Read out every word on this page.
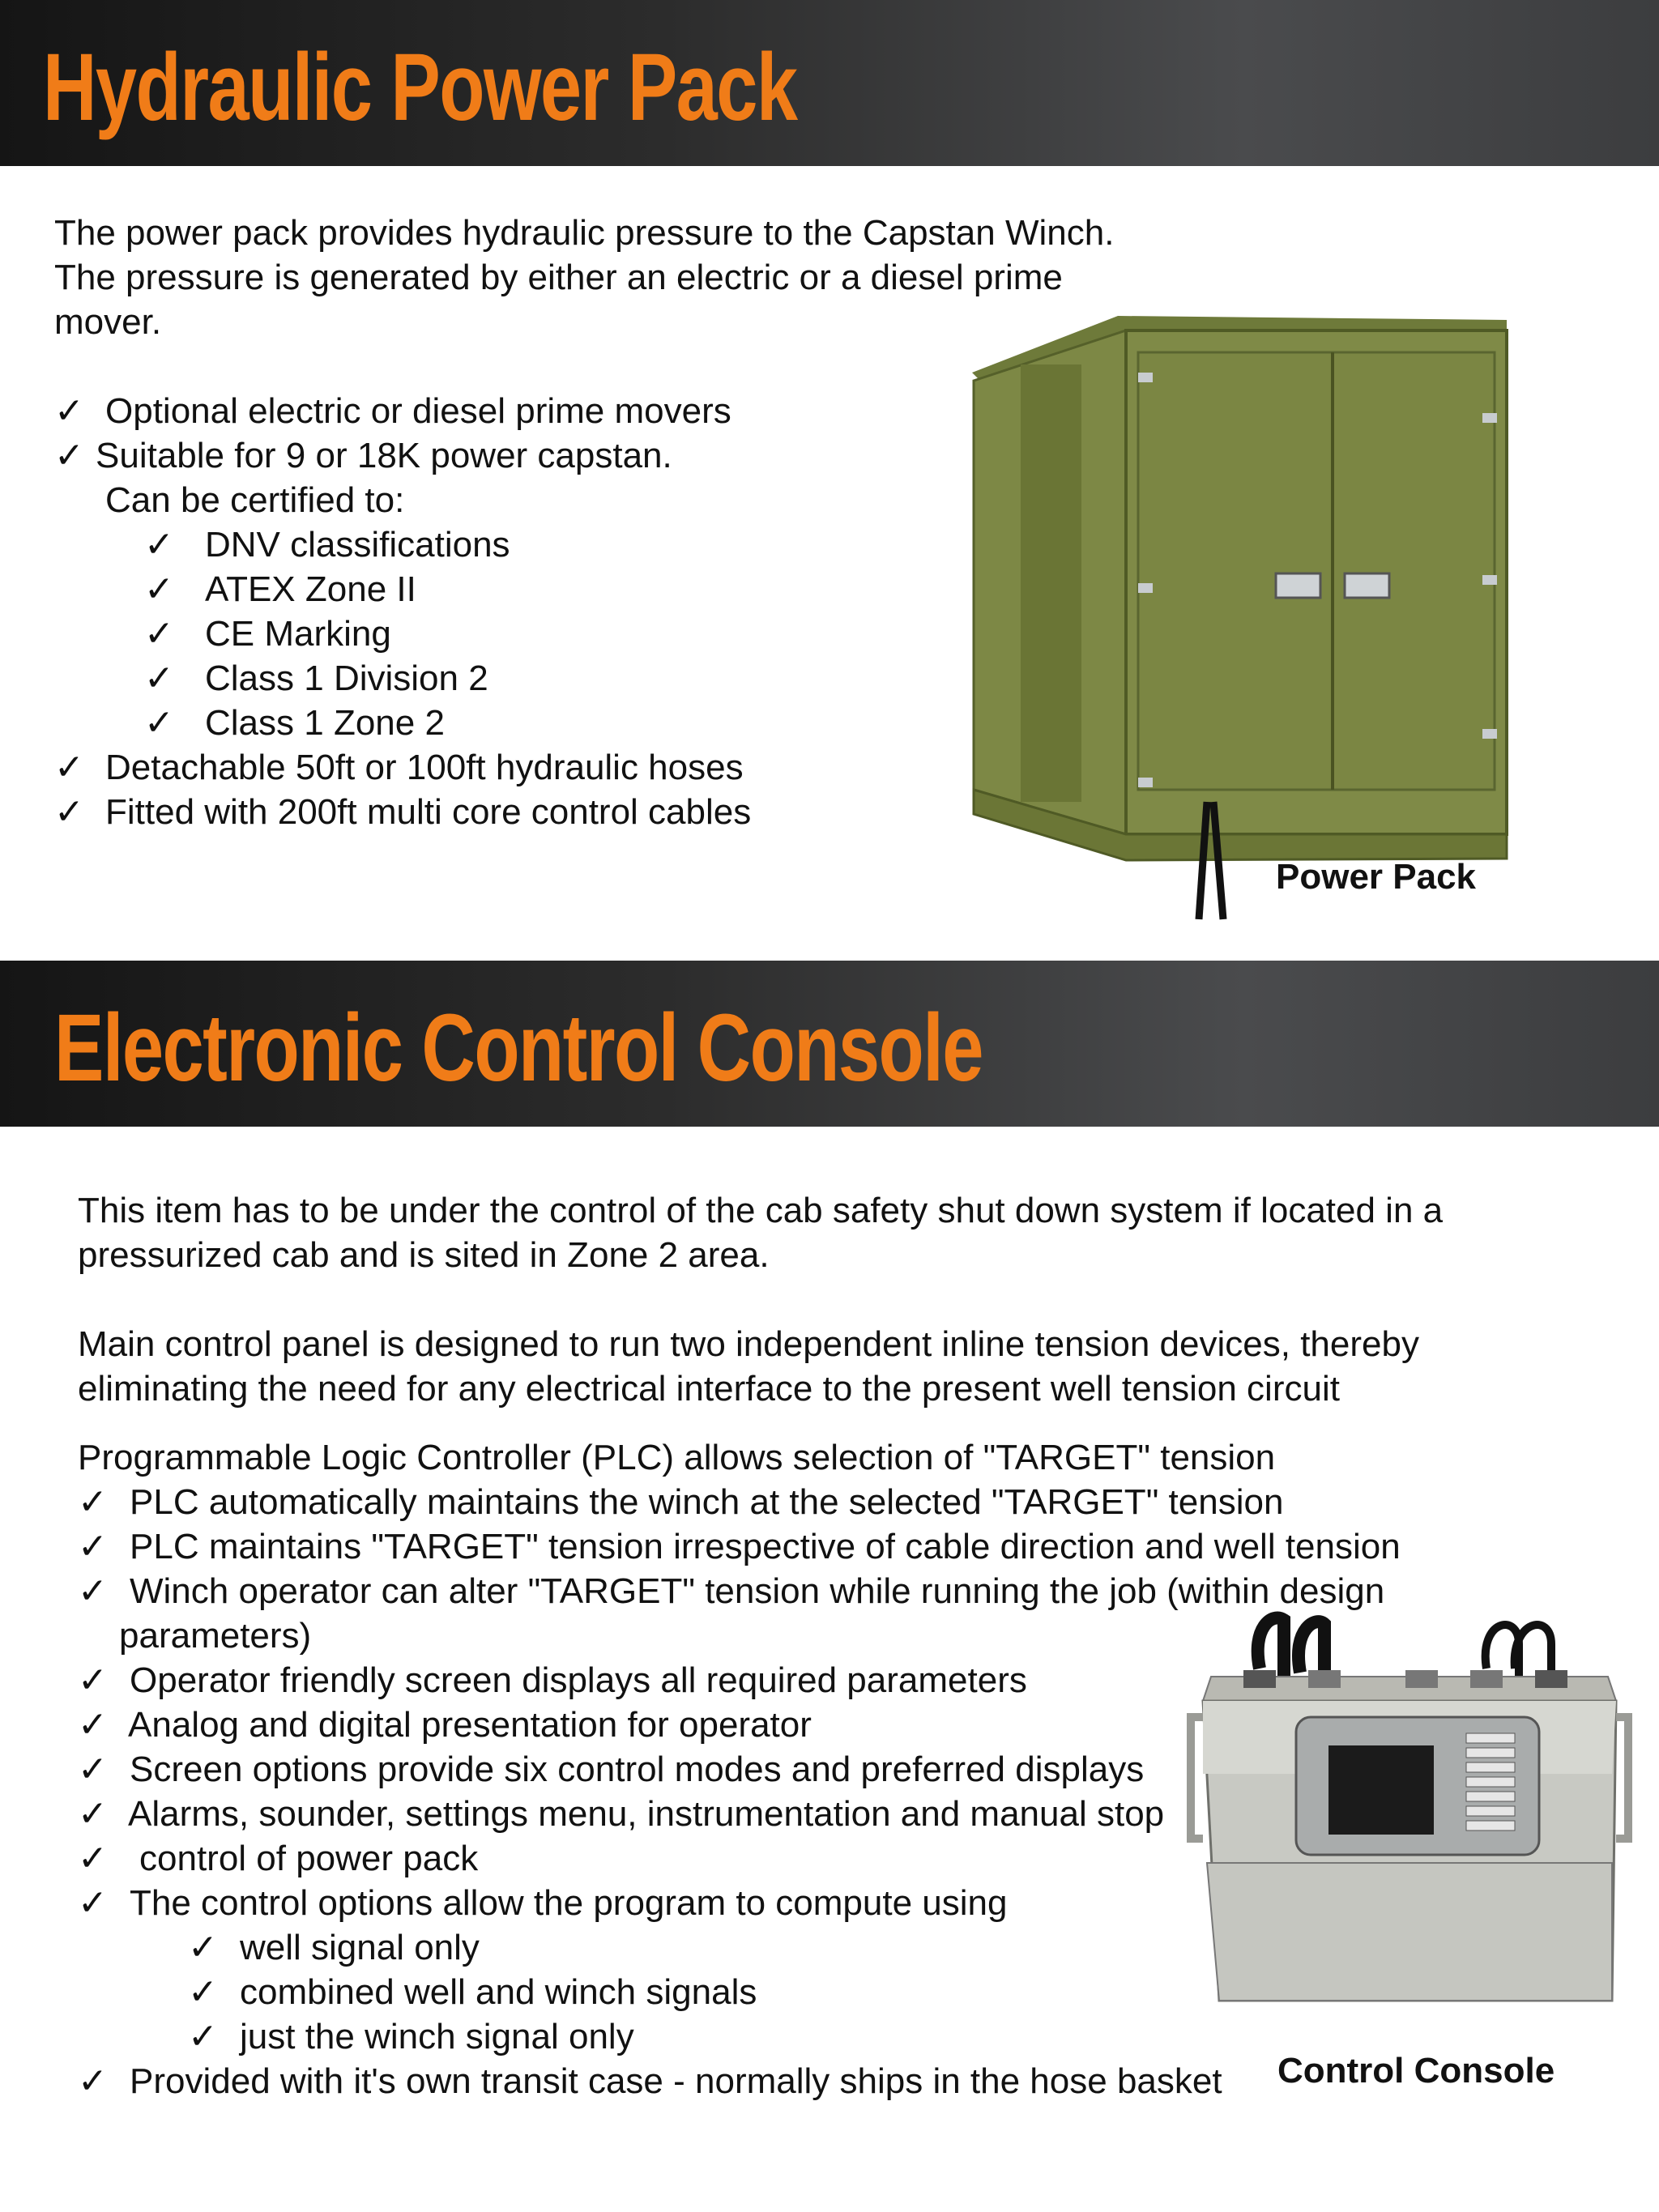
Hydraulic Power Pack
The power pack provides hydraulic pressure to the Capstan Winch.
The pressure is generated by either an electric or a diesel prime
mover.
✓ Optional electric or diesel prime movers
✓ Suitable for 9 or 18K power capstan.
Can be certified to:
✓ DNV classifications
✓ ATEX Zone II
✓ CE Marking
✓ Class 1 Division 2
✓ Class 1 Zone 2
✓ Detachable 50ft or 100ft hydraulic hoses
✓ Fitted with 200ft multi core control cables
Power Pack
Electronic Control Console
This item has to be under the control of the cab safety shut down system if located in a
pressurized cab and is sited in Zone 2 area.
Main control panel is designed to run two independent inline tension devices, thereby
eliminating the need for any electrical interface to the present well tension circuit
Programmable Logic Controller (PLC) allows selection of "TARGET" tension
✓ PLC automatically maintains the winch at the selected "TARGET" tension
✓ PLC maintains "TARGET" tension irrespective of cable direction and well tension
✓ Winch operator can alter "TARGET" tension while running the job (within design
parameters)
✓ Operator friendly screen displays all required parameters
✓ Analog and digital presentation for operator
✓ Screen options provide six control modes and preferred displays
✓ Alarms, sounder, settings menu, instrumentation and manual stop
✓ control of power pack
✓ The control options allow the program to compute using
✓ well signal only
✓ combined well and winch signals
✓ just the winch signal only
✓ Provided with it's own transit case - normally ships in the hose basket Control Console
